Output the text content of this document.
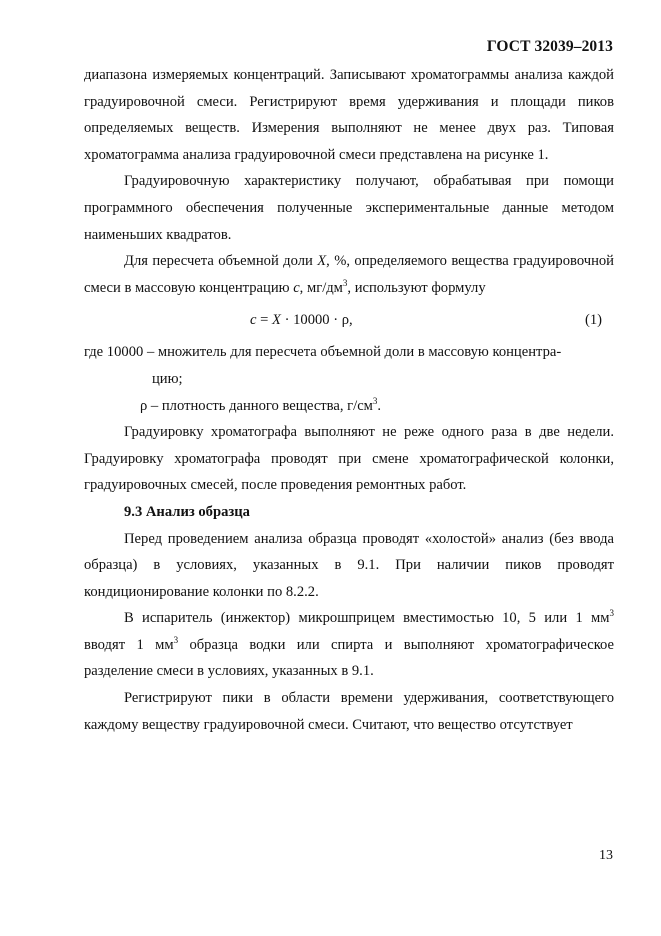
ГОСТ 32039–2013

диапазона измеряемых концентраций. Записывают хроматограммы анализа каждой градуировочной смеси. Регистрируют время удерживания и площади пиков определяемых веществ. Измерения выполняют не менее двух раз. Типовая хроматограмма анализа градуировочной смеси представлена на рисунке 1.

Градуировочную характеристику получают, обрабатывая при помощи программного обеспечения полученные экспериментальные данные методом наименьших квадратов.

Для пересчета объемной доли X, %, определяемого вещества градуировочной смеси в массовую концентрацию c, $мг/дм^3$, используют формулу

c = X · 10000 · ρ,	(1)

где 10000 – множитель для пересчета объемной доли в массовую концентра-

цию;

ρ – плотность данного вещества, $г/см^3$.

Градуировку хроматографа выполняют не реже одного раза в две недели. Градуировку хроматографа проводят при смене хроматографической колонки, градуировочных смесей, после проведения ремонтных работ.

9.3 Анализ образца

Перед проведением анализа образца проводят «холостой» анализ (без ввода образца) в условиях, указанных в 9.1. При наличии пиков проводят кондиционирование колонки по 8.2.2.

В испаритель (инжектор) микрошприцем вместимостью 10, 5 или 1 $мм^3$ вводят 1 $мм^3$ образца водки или спирта и выполняют хроматографическое разделение смеси в условиях, указанных в 9.1.

Регистрируют пики в области времени удерживания, соответствующего каждому веществу градуировочной смеси. Считают, что вещество отсутствует

13
